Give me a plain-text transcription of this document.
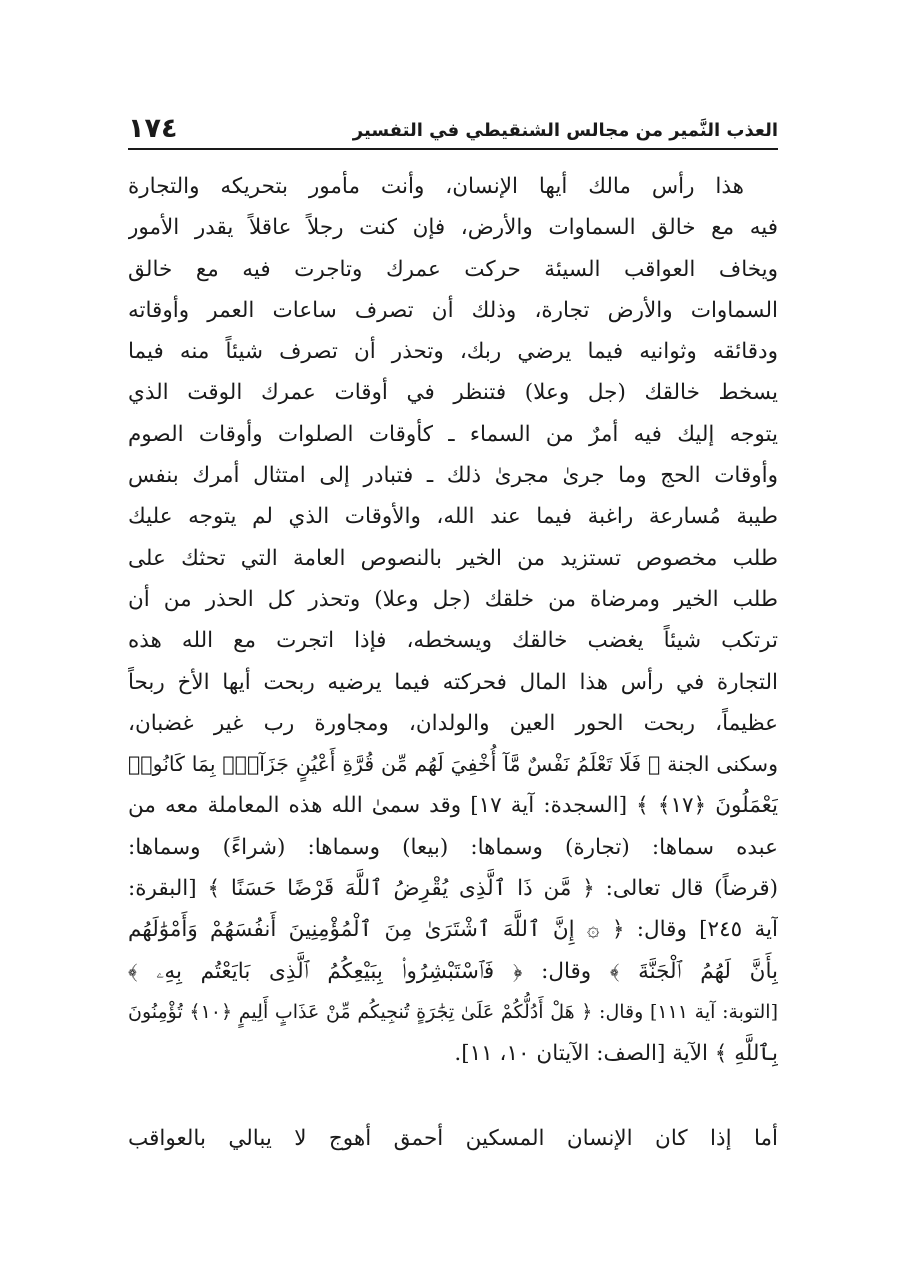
العذب النَّمير من مجالس الشنقيطي في التفسير
١٧٤
هذا رأس مالك أيها الإنسان، وأنت مأمور بتحريكه والتجارة
فيه مع خالق السماوات والأرض، فإن كنت رجلاً عاقلاً يقدر الأمور
ويخاف العواقب السيئة حركت عمرك وتاجرت فيه مع خالق
السماوات والأرض تجارة، وذلك أن تصرف ساعات العمر وأوقاته
ودقائقه وثوانيه فيما يرضي ربك، وتحذر أن تصرف شيئاً منه فيما
يسخط خالقك (جل وعلا) فتنظر في أوقات عمرك الوقت الذي
يتوجه إليك فيه أمرٌ من السماء ـ كأوقات الصلوات وأوقات الصوم
وأوقات الحج وما جرىٰ مجرىٰ ذلك ـ فتبادر إلى امتثال أمرك بنفس
طيبة مُسارعة راغبة فيما عند الله، والأوقات الذي لم يتوجه عليك
طلب مخصوص تستزيد من الخير بالنصوص العامة التي تحثك على
طلب الخير ومرضاة من خلقك (جل وعلا) وتحذر كل الحذر من أن
ترتكب شيئاً يغضب خالقك ويسخطه، فإذا اتجرت مع الله هذه
التجارة في رأس هذا المال فحركته فيما يرضيه ربحت أيها الأخ ربحاً
عظيماً، ربحت الحور العين والولدان، ومجاورة رب غير غضبان،
وسكنى الجنة ﴿ فَلَا تَعْلَمُ نَفْسٌ مَّآ أُخْفِيَ لَهُم مِّن قُرَّةِ أَعْيُنٍ جَزَآءًۢ بِمَا كَانُوا۟
يَعْمَلُونَ ﴿١٧﴾ ﴾ [السجدة: آية ١٧] وقد سمىٰ الله هذه المعاملة معه من
عبده سماها: (تجارة) وسماها: (بيعا) وسماها: (شراءً) وسماها:
(قرضاً) قال تعالى: ﴿ مَّن ذَا ٱلَّذِى يُقْرِضُ ٱللَّهَ قَرْضًا حَسَنًا ﴾ [البقرة:
آية ٢٤٥] وقال: ﴿ ۞ إِنَّ ٱللَّهَ ٱشْتَرَىٰ مِنَ ٱلْمُؤْمِنِينَ أَنفُسَهُمْ وَأَمْوَٰلَهُم
بِأَنَّ لَهُمُ ٱلْجَنَّةَ ﴾ وقال: ﴿ فَٱسْتَبْشِرُوا۟ بِبَيْعِكُمُ ٱلَّذِى بَايَعْتُم بِهِۦ ﴾
[التوبة: آية ١١١] وقال: ﴿ هَلْ أَدُلُّكُمْ عَلَىٰ تِجَٰرَةٍ تُنجِيكُم مِّنْ عَذَابٍ أَلِيمٍ ﴿١٠﴾ تُؤْمِنُونَ
بِٱللَّهِ ﴾ الآية [الصف: الآيتان ١٠، ١١].
أما إذا كان الإنسان المسكين أحمق أهوج لا يبالي بالعواقب
